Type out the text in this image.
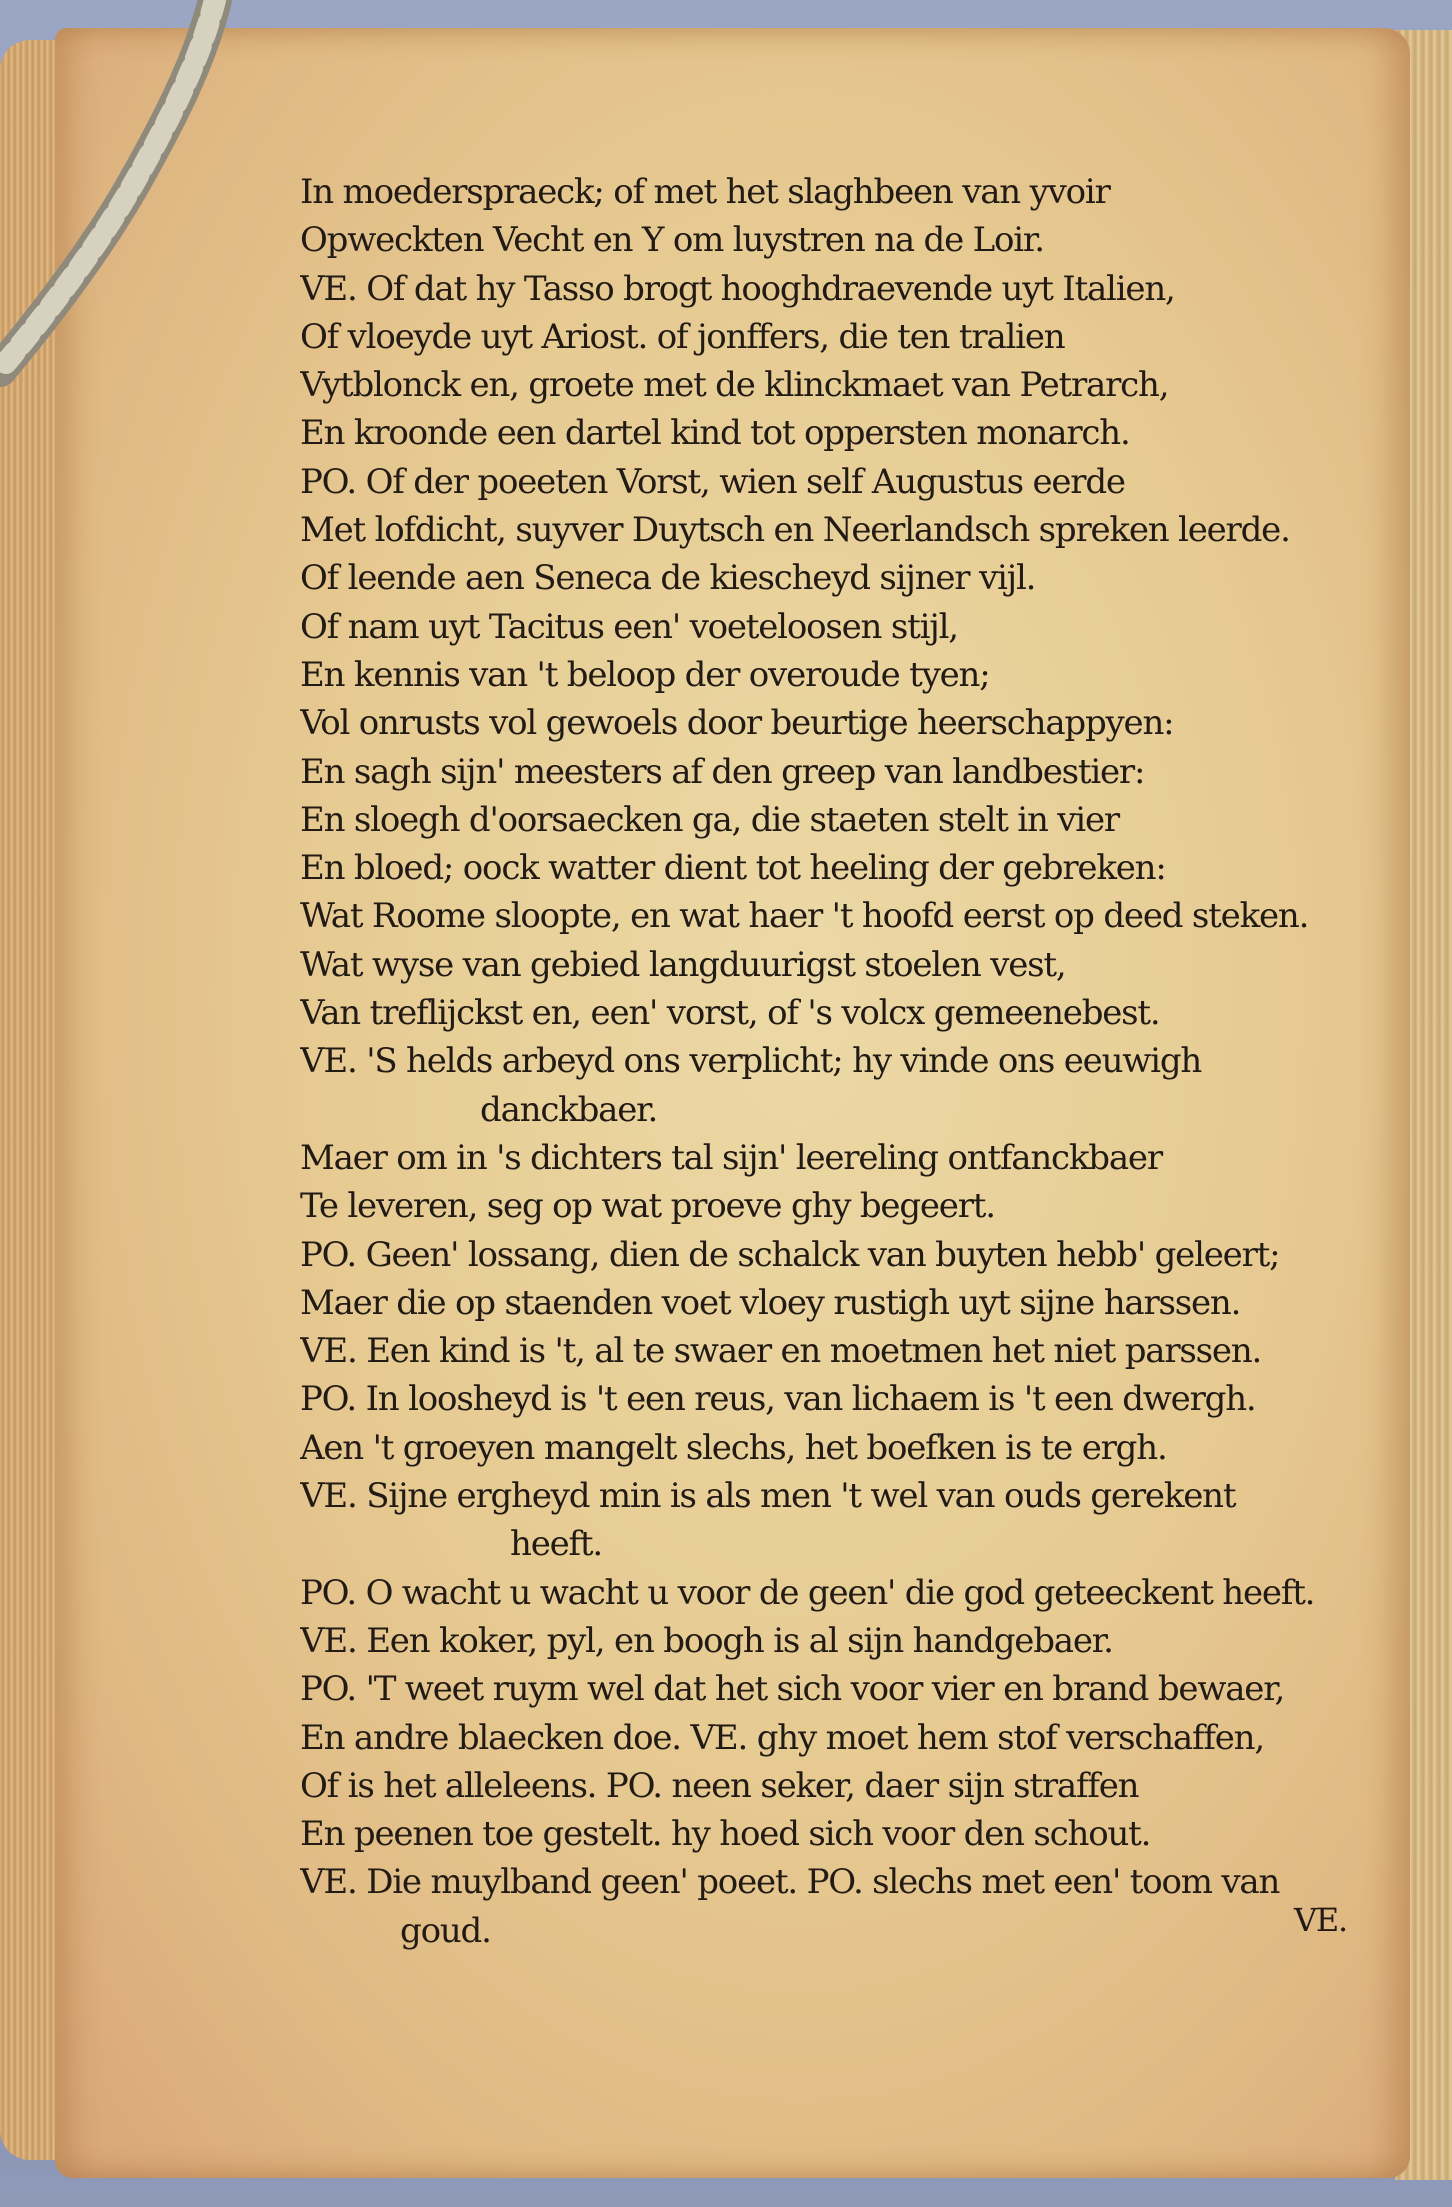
In moederspraeck; of met het slaghbeen van yvoir
Opweckten Vecht en Y om luystren na de Loir.
VE. Of dat hy Tasso brogt hooghdraevende uyt Italien,
Of vloeyde uyt Ariost. of jonffers, die ten tralien
Vytblonck en, groete met de klinckmaet van Petrarch,
En kroonde een dartel kind tot oppersten monarch.
PO. Of der poeeten Vorst, wien self Augustus eerde
Met lofdicht, suyver Duytsch en Neerlandsch spreken leerde.
Of leende aen Seneca de kiescheyd sijner vijl.
Of nam uyt Tacitus een' voeteloosen stijl,
En kennis van 't beloop der overoude tyen;
Vol onrusts vol gewoels door beurtige heerschappyen:
En sagh sijn' meesters af den greep van landbestier:
En sloegh d'oorsaecken ga, die staeten stelt in vier
En bloed; oock watter dient tot heeling der gebreken:
Wat Roome sloopte, en wat haer 't hoofd eerst op deed steken.
Wat wyse van gebied langduurigst stoelen vest,
Van treflijckst en, een' vorst, of 's volcx gemeenebest.
VE. 'S helds arbeyd ons verplicht; hy vinde ons eeuwigh
danckbaer.
Maer om in 's dichters tal sijn' leereling ontfanckbaer
Te leveren, seg op wat proeve ghy begeert.
PO. Geen' lossang, dien de schalck van buyten hebb' geleert;
Maer die op staenden voet vloey rustigh uyt sijne harssen.
VE. Een kind is 't, al te swaer en moetmen het niet parssen.
PO. In loosheyd is 't een reus, van lichaem is 't een dwergh.
Aen 't groeyen mangelt slechs, het boefken is te ergh.
VE. Sijne ergheyd min is als men 't wel van ouds gerekent
heeft.
PO. O wacht u wacht u voor de geen' die god geteeckent heeft.
VE. Een koker, pyl, en boogh is al sijn handgebaer.
PO. 'T weet ruym wel dat het sich voor vier en brand bewaer,
En andre blaecken doe. VE. ghy moet hem stof verschaffen,
Of is het alleleens. PO. neen seker, daer sijn straffen
En peenen toe gestelt. hy hoed sich voor den schout.
VE. Die muylband geen' poeet. PO. slechs met een' toom van
goud.	VE.
